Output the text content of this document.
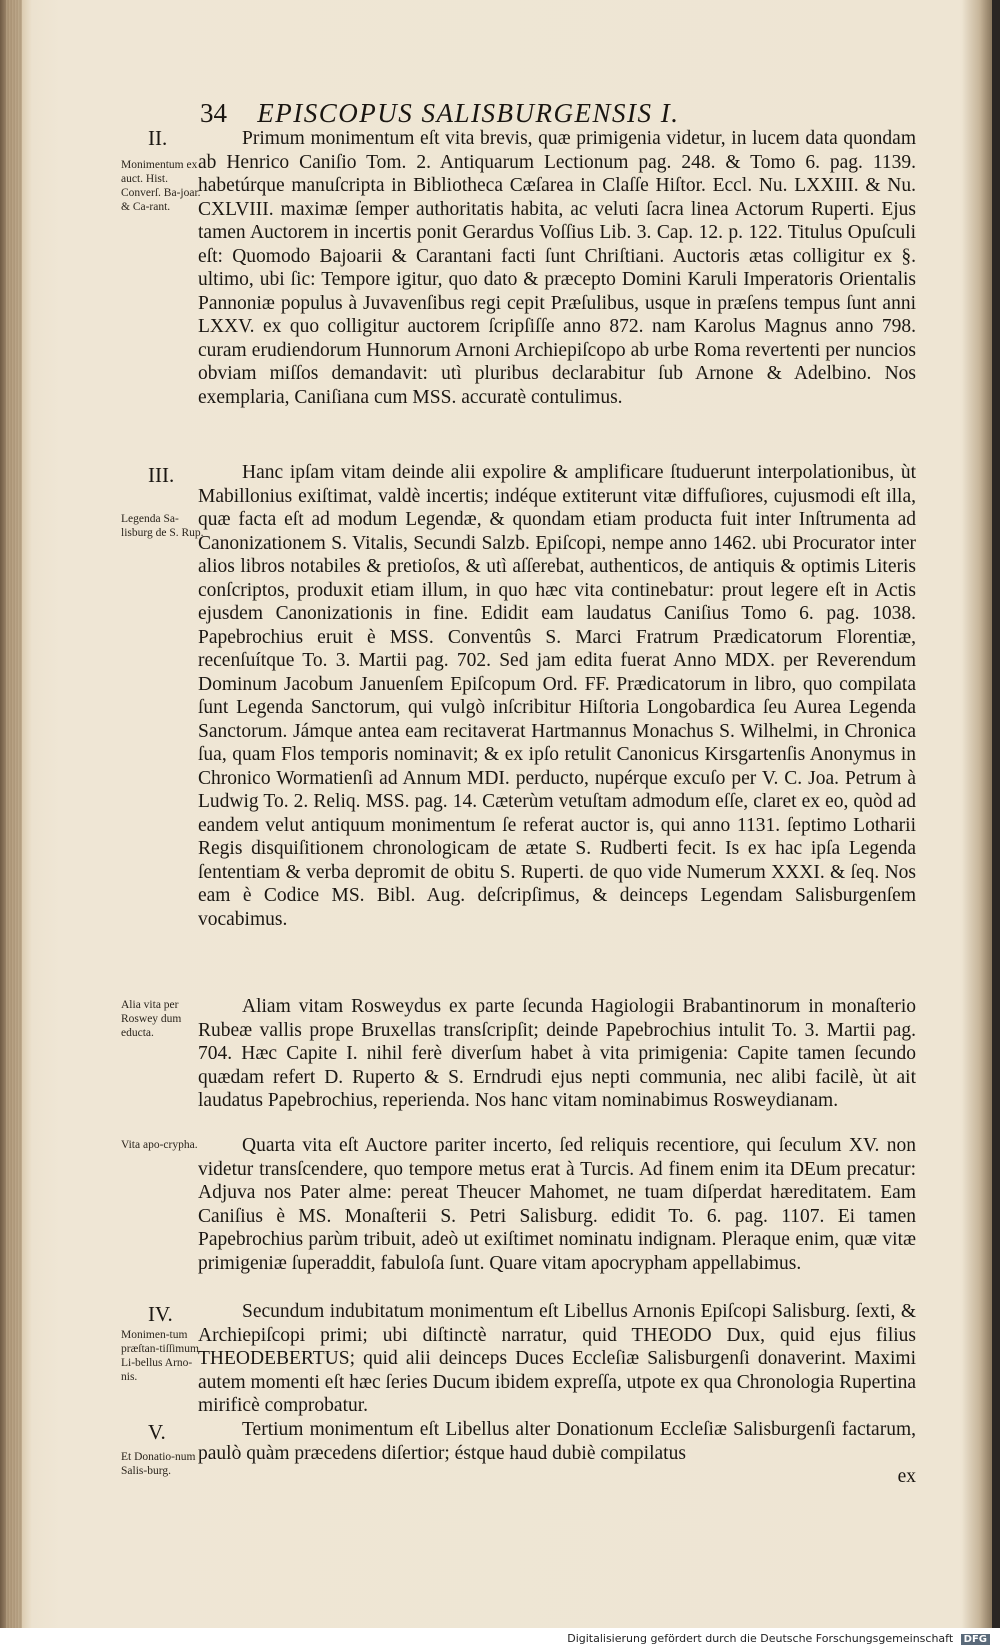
34 EPISCOPUS SALISBURGENSIS I.
II.
Monimentum ex auct. Hist. Converſ. Ba-joar. & Ca-rant.
Primum monimentum eſt vita brevis, quæ primigenia videtur, in lucem data quondam ab Henrico Caniſio Tom. 2. Antiquarum Lectionum pag. 248. & Tomo 6. pag. 1139. habetúrque manuſcripta in Bibliotheca Cæſarea in Claſſe Hiſtor. Eccl. Nu. LXXIII. & Nu. CXLVIII. maximæ ſemper authoritatis habita, ac veluti ſacra linea Actorum Ruperti. Ejus tamen Auctorem in incertis ponit Gerardus Voſſius Lib. 3. Cap. 12. p. 122. Titulus Opuſculi eſt: Quomodo Bajoarii & Carantani facti ſunt Chriſtiani. Auctoris ætas colligitur ex §. ultimo, ubi ſic: Tempore igitur, quo dato & præcepto Domini Karuli Imperatoris Orientalis Pannoniæ populus à Juvavenſibus regi cepit Præſulibus, usque in præſens tempus ſunt anni LXXV. ex quo colligitur auctorem ſcripſiſſe anno 872. nam Karolus Magnus anno 798. curam erudiendorum Hunnorum Arnoni Archiepiſcopo ab urbe Roma revertenti per nuncios obviam miſſos demandavit: utì pluribus declarabitur ſub Arnone & Adelbino. Nos exemplaria, Caniſiana cum MSS. accuratè contulimus.
III.
Legenda Sa-lisburg de S. Rup.
Hanc ipſam vitam deinde alii expolire & amplificare ſtuduerunt interpolationibus, ùt Mabillonius exiſtimat, valdè incertis; indéque extiterunt vitæ diffuſiores, cujusmodi eſt illa, quæ facta eſt ad modum Legendæ, & quondam etiam producta fuit inter Inſtrumenta ad Canonizationem S. Vitalis, Secundi Salzb. Epiſcopi, nempe anno 1462. ubi Procurator inter alios libros notabiles & pretioſos, & utì aſſerebat, authenticos, de antiquis & optimis Literis conſcriptos, produxit etiam illum, in quo hæc vita continebatur: prout legere eſt in Actis ejusdem Canonizationis in fine. Edidit eam laudatus Caniſius Tomo 6. pag. 1038. Papebrochius eruit è MSS. Conventûs S. Marci Fratrum Prædicatorum Florentiæ, recenſuítque To. 3. Martii pag. 702. Sed jam edita fuerat Anno MDX. per Reverendum Dominum Jacobum Januenſem Epiſcopum Ord. FF. Prædicatorum in libro, quo compilata ſunt Legenda Sanctorum, qui vulgò inſcribitur Hiſtoria Longobardica ſeu Aurea Legenda Sanctorum. Jámque antea eam recitaverat Hartmannus Monachus S. Wilhelmi, in Chronica ſua, quam Flos temporis nominavit; & ex ipſo retulit Canonicus Kirsgartenſis Anonymus in Chronico Wormatienſi ad Annum MDI. perducto, nupérque excuſo per V. C. Joa. Petrum à Ludwig To. 2. Reliq. MSS. pag. 14. Cæterùm vetuſtam admodum eſſe, claret ex eo, quòd ad eandem velut antiquum monimentum ſe referat auctor is, qui anno 1131. ſeptimo Lotharii Regis disquiſitionem chronologicam de ætate S. Rudberti fecit. Is ex hac ipſa Legenda ſententiam & verba depromit de obitu S. Ruperti. de quo vide Numerum XXXI. & ſeq. Nos eam è Codice MS. Bibl. Aug. deſcripſimus, & deinceps Legendam Salisburgenſem vocabimus.
Alia vita per Roswey dum educta.
Aliam vitam Rosweydus ex parte ſecunda Hagiologii Brabantinorum in monaſterio Rubeæ vallis prope Bruxellas transſcripſit; deinde Papebrochius intulit To. 3. Martii pag. 704. Hæc Capite I. nihil ferè diverſum habet à vita primigenia: Capite tamen ſecundo quædam refert D. Ruperto & S. Erndrudi ejus nepti communia, nec alibi facilè, ùt ait laudatus Papebrochius, reperienda. Nos hanc vitam nominabimus Rosweydianam.
Vita apo-crypha.	Quarta vita eſt Auctore pariter incerto, ſed reliquis recentiore, qui ſeculum XV. non videtur transſcendere, quo tempore metus erat à Turcis. Ad finem enim ita DEum precatur: Adjuva nos Pater alme: pereat Theucer Mahomet, ne tuam diſperdat hæreditatem. Eam Caniſius è MS. Monaſterii S. Petri Salisburg. edidit To. 6. pag. 1107. Ei tamen Papebrochius parùm tribuit, adeò ut exiſtimet nominatu indignam. Pleraque enim, quæ vitæ primigeniæ ſuperaddit, fabuloſa ſunt. Quare vitam apocrypham appellabimus.
IV.
Monimen-tum præſtan-tiſſimum Li-bellus Arno-nis.
Secundum indubitatum monimentum eſt Libellus Arnonis Epiſcopi Salisburg. ſexti, & Archiepiſcopi primi; ubi diſtinctè narratur, quid THEODO Dux, quid ejus filius THEODEBERTUS; quid alii deinceps Duces Eccleſiæ Salisburgenſi donaverint. Maximi autem momenti eſt hæc ſeries Ducum ibidem expreſſa, utpote ex qua Chronologia Rupertina mirificè comprobatur.
V.
Et Donatio-num Salis-burg.
Tertium monimentum eſt Libellus alter Donationum Eccleſiæ Salisburgenſi factarum, paulò quàm præcedens diſertior; éstque haud dubiè compilatus
ex
Digitalisierung gefördert durch die Deutsche Forschungsgemeinschaft DFG
